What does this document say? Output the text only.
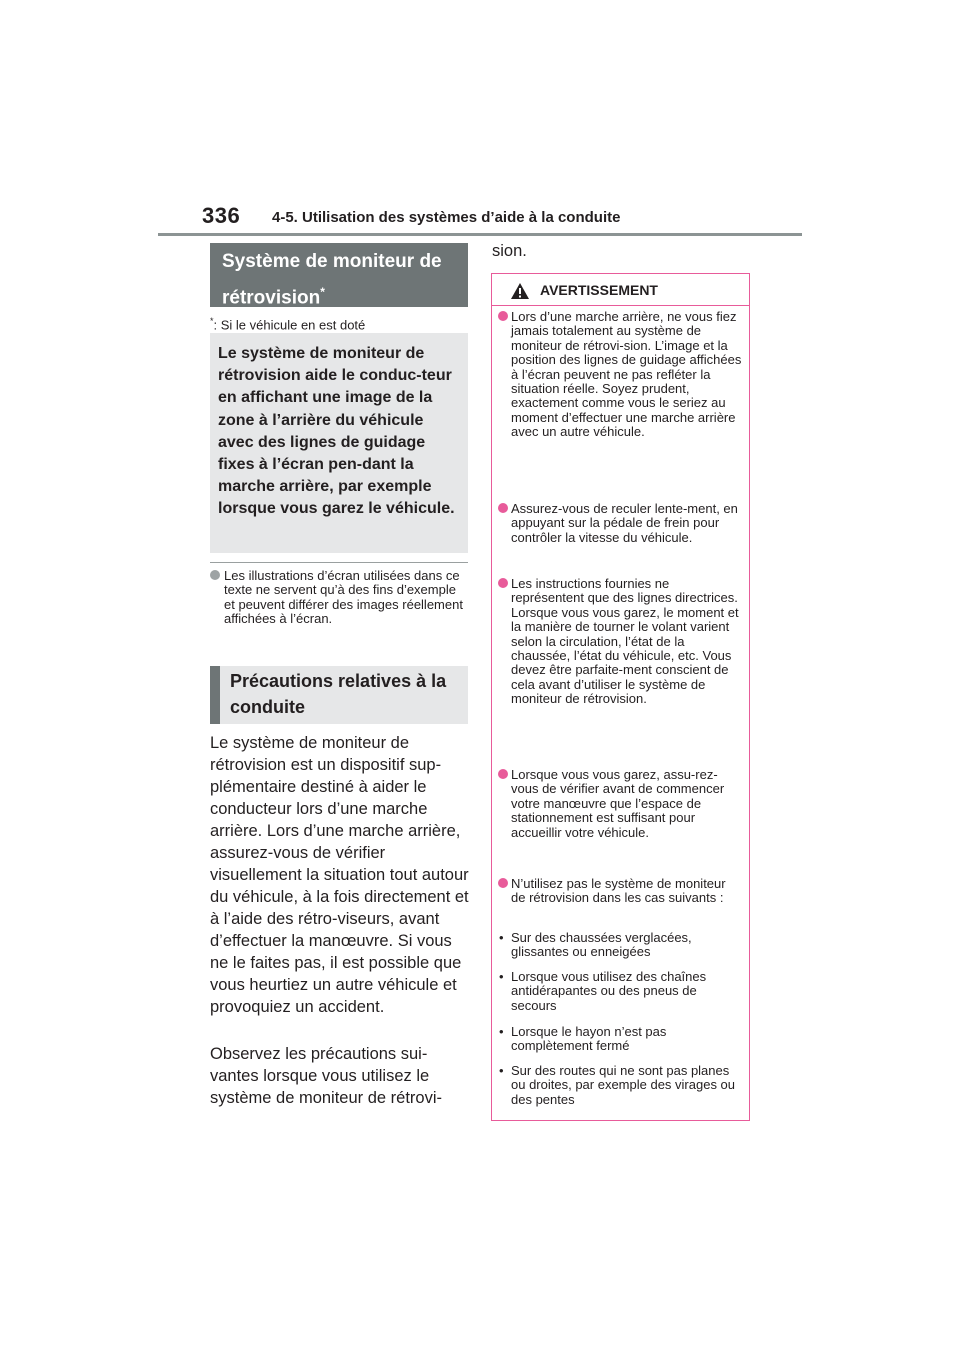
336 4-5. Utilisation des systèmes d’aide à la conduite
Système de moniteur de rétrovision*
*: Si le véhicule en est doté
Le système de moniteur de rétrovision aide le conduc-teur en affichant une image de la zone à l’arrière du véhicule avec des lignes de guidage fixes à l’écran pen-dant la marche arrière, par exemple lorsque vous garez le véhicule.
Les illustrations d’écran utilisées dans ce texte ne servent qu’à des fins d’exemple et peuvent différer des images réellement affichées à l’écran.
Précautions relatives à la conduite
Le système de moniteur de rétrovision est un dispositif sup-plémentaire destiné à aider le conducteur lors d’une marche arrière. Lors d’une marche arrière, assurez-vous de vérifier visuellement la situation tout autour du véhicule, à la fois directement et à l’aide des rétro-viseurs, avant d’effectuer la manœuvre. Si vous ne le faites pas, il est possible que vous heurtiez un autre véhicule et provoquiez un accident.
Observez les précautions sui-vantes lorsque vous utilisez le système de moniteur de rétrovi-
sion.
AVERTISSEMENT
Lors d’une marche arrière, ne vous fiez jamais totalement au système de moniteur de rétrovi-sion. L’image et la position des lignes de guidage affichées à l’écran peuvent ne pas refléter la situation réelle. Soyez prudent, exactement comme vous le seriez au moment d’effectuer une marche arrière avec un autre véhicule.
Assurez-vous de reculer lente-ment, en appuyant sur la pédale de frein pour contrôler la vitesse du véhicule.
Les instructions fournies ne représentent que des lignes directrices. Lorsque vous vous garez, le moment et la manière de tourner le volant varient selon la circulation, l’état de la chaussée, l’état du véhicule, etc. Vous devez être parfaite-ment conscient de cela avant d’utiliser le système de moniteur de rétrovision.
Lorsque vous vous garez, assu-rez-vous de vérifier avant de commencer votre manœuvre que l’espace de stationnement est suffisant pour accueillir votre véhicule.
N’utilisez pas le système de moniteur de rétrovision dans les cas suivants :
• Sur des chaussées verglacées, glissantes ou enneigées
• Lorsque vous utilisez des chaînes antidérapantes ou des pneus de secours
• Lorsque le hayon n’est pas complètement fermé
• Sur des routes qui ne sont pas planes ou droites, par exemple des virages ou des pentes
